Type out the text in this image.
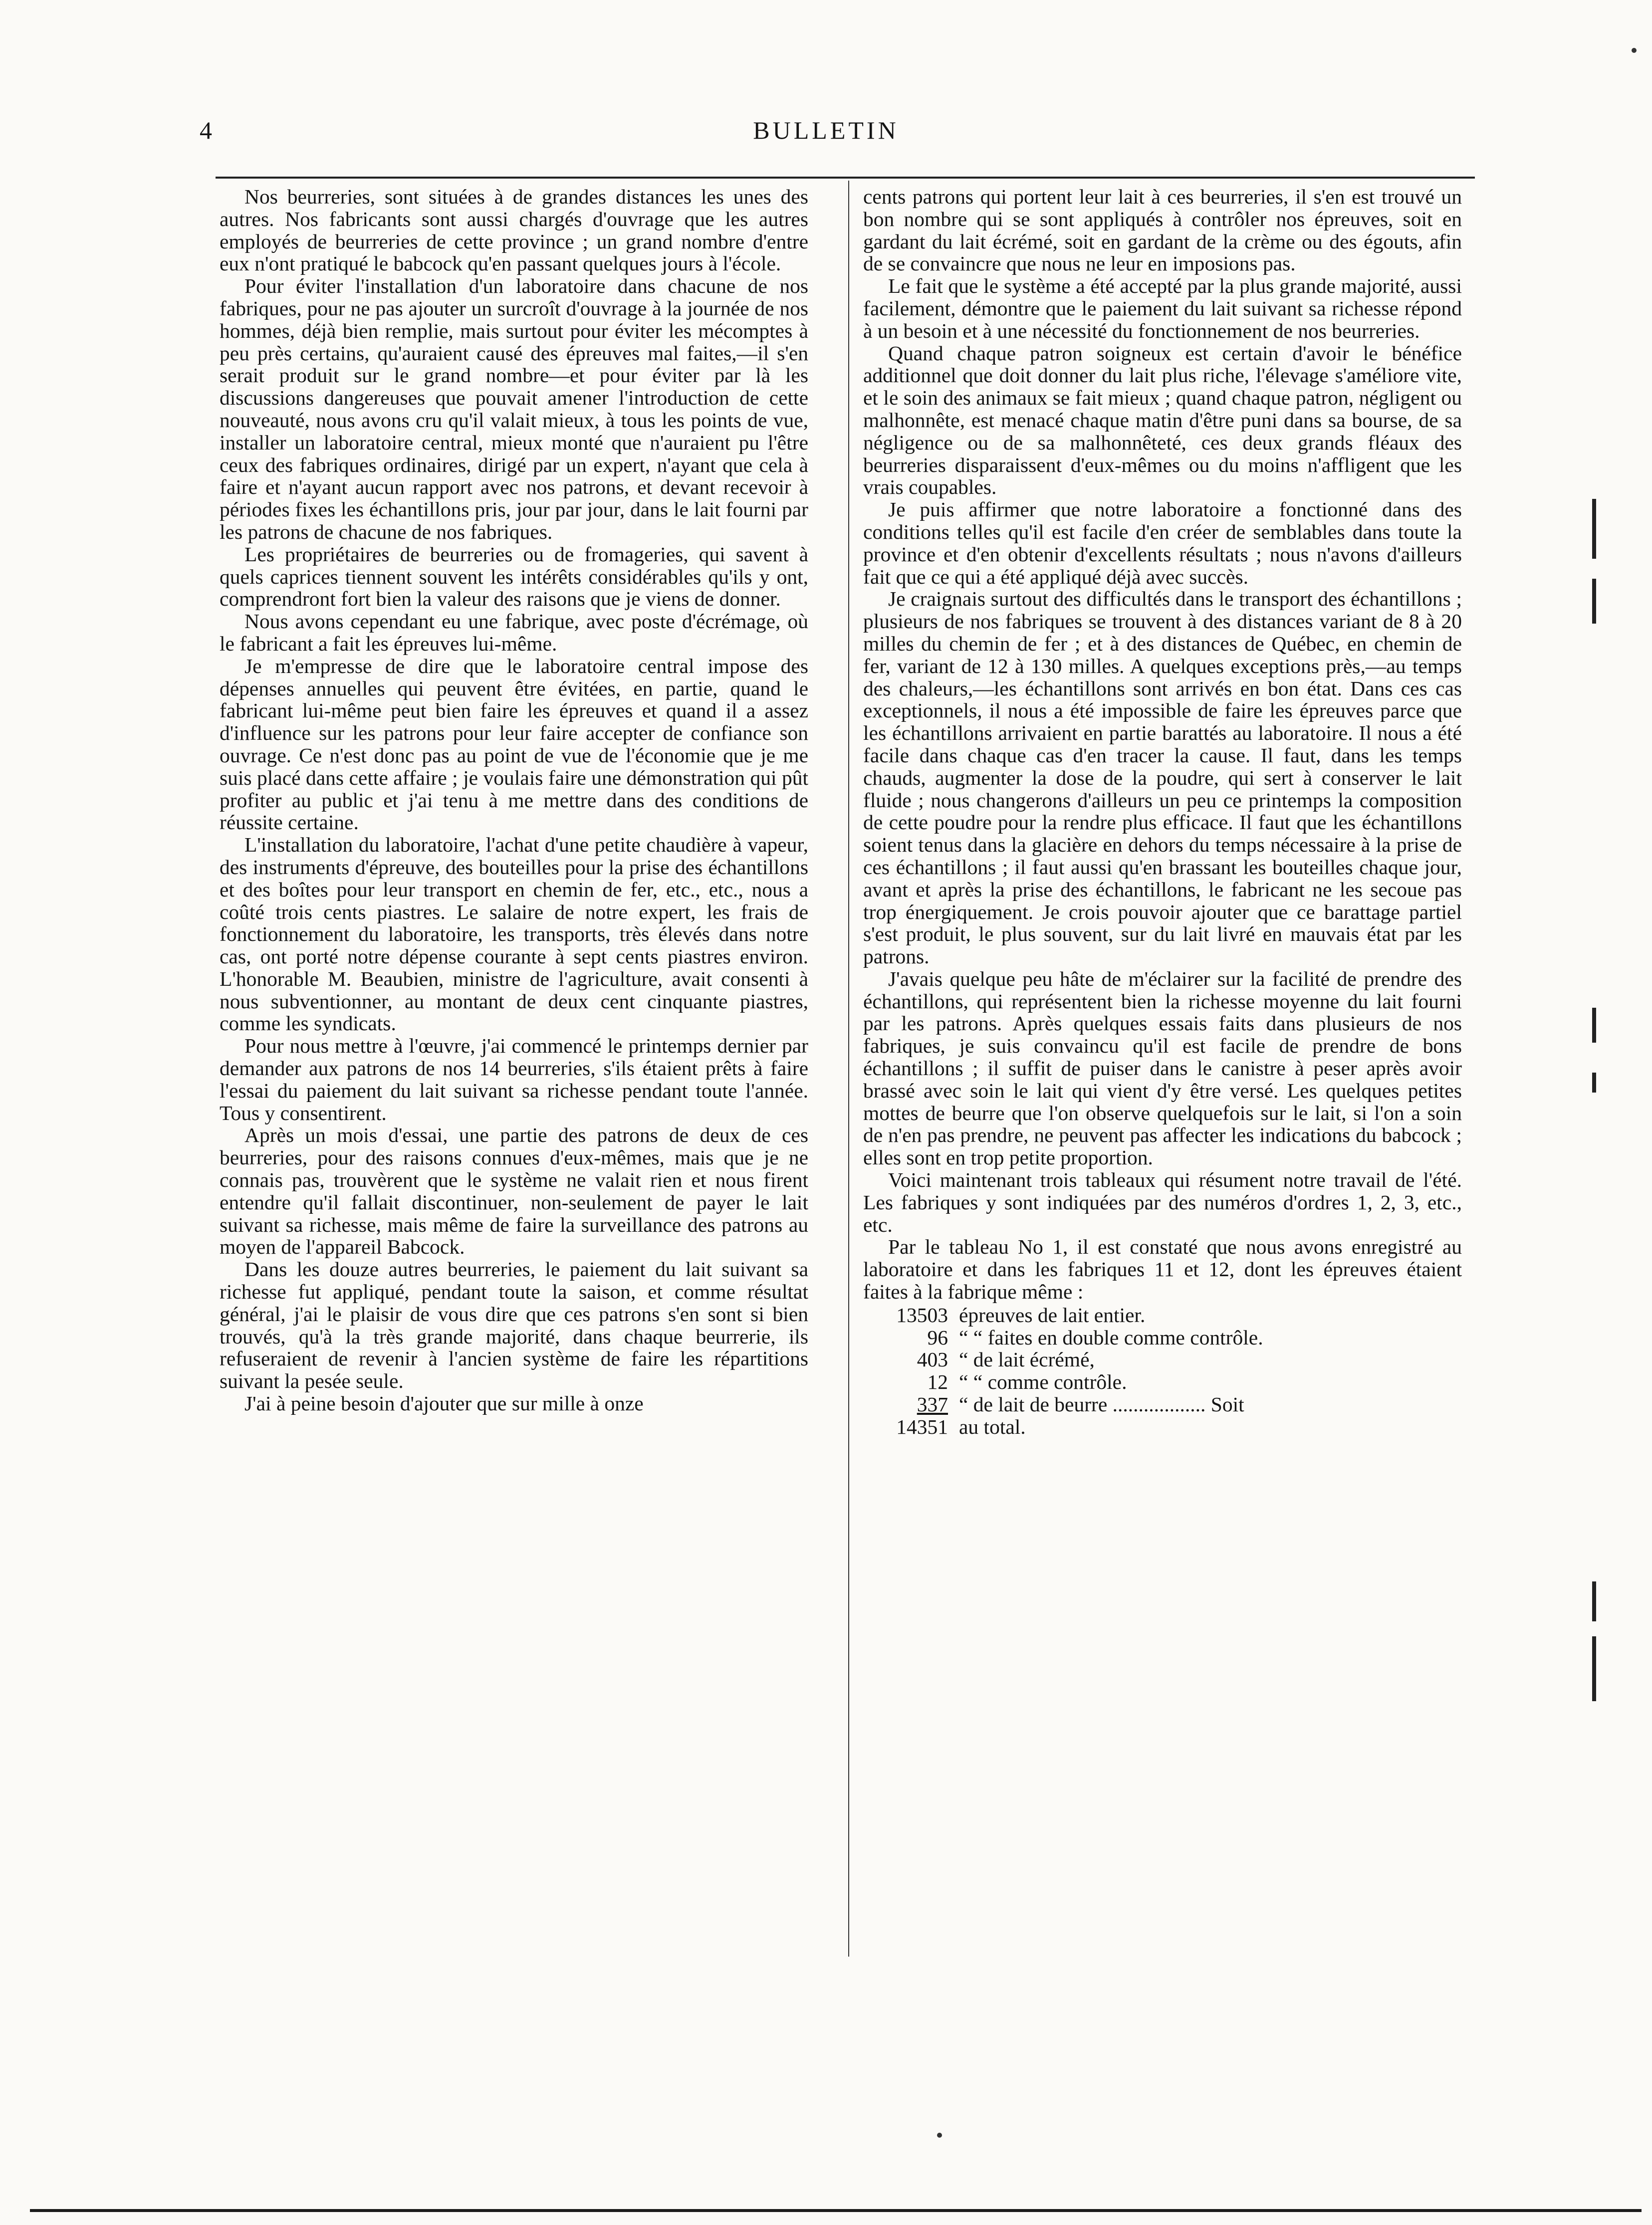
4	BULLETIN

Nos beurreries, sont situées à de grandes distances les unes des autres. Nos fabricants sont aussi chargés d'ouvrage que les autres employés de beurreries de cette province ; un grand nombre d'entre eux n'ont pratiqué le babcock qu'en passant quelques jours à l'école.

Pour éviter l'installation d'un laboratoire dans chacune de nos fabriques, pour ne pas ajouter un surcroît d'ouvrage à la journée de nos hommes, déjà bien remplie, mais surtout pour éviter les mécomptes à peu près certains, qu'auraient causé des épreuves mal faites,—il s'en serait produit sur le grand nombre—et pour éviter par là les discussions dangereuses que pouvait amener l'introduction de cette nouveauté, nous avons cru qu'il valait mieux, à tous les points de vue, installer un laboratoire central, mieux monté que n'auraient pu l'être ceux des fabriques ordinaires, dirigé par un expert, n'ayant que cela à faire et n'ayant aucun rapport avec nos patrons, et devant recevoir à périodes fixes les échantillons pris, jour par jour, dans le lait fourni par les patrons de chacune de nos fabriques.

Les propriétaires de beurreries ou de fromageries, qui savent à quels caprices tiennent souvent les intérêts considérables qu'ils y ont, comprendront fort bien la valeur des raisons que je viens de donner.

Nous avons cependant eu une fabrique, avec poste d'écrémage, où le fabricant a fait les épreuves lui-même.

Je m'empresse de dire que le laboratoire central impose des dépenses annuelles qui peuvent être évitées, en partie, quand le fabricant lui-même peut bien faire les épreuves et quand il a assez d'influence sur les patrons pour leur faire accepter de confiance son ouvrage. Ce n'est donc pas au point de vue de l'économie que je me suis placé dans cette affaire ; je voulais faire une démonstration qui pût profiter au public et j'ai tenu à me mettre dans des conditions de réussite certaine.

L'installation du laboratoire, l'achat d'une petite chaudière à vapeur, des instruments d'épreuve, des bouteilles pour la prise des échantillons et des boîtes pour leur transport en chemin de fer, etc., etc., nous a coûté trois cents piastres. Le salaire de notre expert, les frais de fonctionnement du laboratoire, les transports, très élevés dans notre cas, ont porté notre dépense courante à sept cents piastres environ. L'honorable M. Beaubien, ministre de l'agriculture, avait consenti à nous subventionner, au montant de deux cent cinquante piastres, comme les syndicats.

Pour nous mettre à l'œuvre, j'ai commencé le printemps dernier par demander aux patrons de nos 14 beurreries, s'ils étaient prêts à faire l'essai du paiement du lait suivant sa richesse pendant toute l'année. Tous y consentirent.

Après un mois d'essai, une partie des patrons de deux de ces beurreries, pour des raisons connues d'eux-mêmes, mais que je ne connais pas, trouvèrent que le système ne valait rien et nous firent entendre qu'il fallait discontinuer, non-seulement de payer le lait suivant sa richesse, mais même de faire la surveillance des patrons au moyen de l'appareil Babcock.

Dans les douze autres beurreries, le paiement du lait suivant sa richesse fut appliqué, pendant toute la saison, et comme résultat général, j'ai le plaisir de vous dire que ces patrons s'en sont si bien trouvés, qu'à la très grande majorité, dans chaque beurrerie, ils refuseraient de revenir à l'ancien système de faire les répartitions suivant la pesée seule.

J'ai à peine besoin d'ajouter que sur mille à onze

cents patrons qui portent leur lait à ces beurreries, il s'en est trouvé un bon nombre qui se sont appliqués à contrôler nos épreuves, soit en gardant du lait écrémé, soit en gardant de la crème ou des égouts, afin de se convaincre que nous ne leur en imposions pas.

Le fait que le système a été accepté par la plus grande majorité, aussi facilement, démontre que le paiement du lait suivant sa richesse répond à un besoin et à une nécessité du fonctionnement de nos beurreries.

Quand chaque patron soigneux est certain d'avoir le bénéfice additionnel que doit donner du lait plus riche, l'élevage s'améliore vite, et le soin des animaux se fait mieux ; quand chaque patron, négligent ou malhonnête, est menacé chaque matin d'être puni dans sa bourse, de sa négligence ou de sa malhonnêteté, ces deux grands fléaux des beurreries disparaissent d'eux-mêmes ou du moins n'affligent que les vrais coupables.

Je puis affirmer que notre laboratoire a fonctionné dans des conditions telles qu'il est facile d'en créer de semblables dans toute la province et d'en obtenir d'excellents résultats ; nous n'avons d'ailleurs fait que ce qui a été appliqué déjà avec succès.

Je craignais surtout des difficultés dans le transport des échantillons ; plusieurs de nos fabriques se trouvent à des distances variant de 8 à 20 milles du chemin de fer ; et à des distances de Québec, en chemin de fer, variant de 12 à 130 milles. A quelques exceptions près,—au temps des chaleurs,—les échantillons sont arrivés en bon état. Dans ces cas exceptionnels, il nous a été impossible de faire les épreuves parce que les échantillons arrivaient en partie barattés au laboratoire. Il nous a été facile dans chaque cas d'en tracer la cause. Il faut, dans les temps chauds, augmenter la dose de la poudre, qui sert à conserver le lait fluide ; nous changerons d'ailleurs un peu ce printemps la composition de cette poudre pour la rendre plus efficace. Il faut que les échantillons soient tenus dans la glacière en dehors du temps nécessaire à la prise de ces échantillons ; il faut aussi qu'en brassant les bouteilles chaque jour, avant et après la prise des échantillons, le fabricant ne les secoue pas trop énergiquement. Je crois pouvoir ajouter que ce barattage partiel s'est produit, le plus souvent, sur du lait livré en mauvais état par les patrons.

J'avais quelque peu hâte de m'éclairer sur la facilité de prendre des échantillons, qui représentent bien la richesse moyenne du lait fourni par les patrons. Après quelques essais faits dans plusieurs de nos fabriques, je suis convaincu qu'il est facile de prendre de bons échantillons ; il suffit de puiser dans le canistre à peser après avoir brassé avec soin le lait qui vient d'y être versé. Les quelques petites mottes de beurre que l'on observe quelquefois sur le lait, si l'on a soin de n'en pas prendre, ne peuvent pas affecter les indications du babcock ; elles sont en trop petite proportion.

Voici maintenant trois tableaux qui résument notre travail de l'été. Les fabriques y sont indiquées par des numéros d'ordres 1, 2, 3, etc., etc.

Par le tableau No 1, il est constaté que nous avons enregistré au laboratoire et dans les fabriques 11 et 12, dont les épreuves étaient faites à la fabrique même :

13503 épreuves de lait entier.
96 “ “ faites en double comme contrôle.
403 “ de lait écrémé,
12 “ “ comme contrôle.
337 “ de lait de beurre .................. Soit
14351 au total.
